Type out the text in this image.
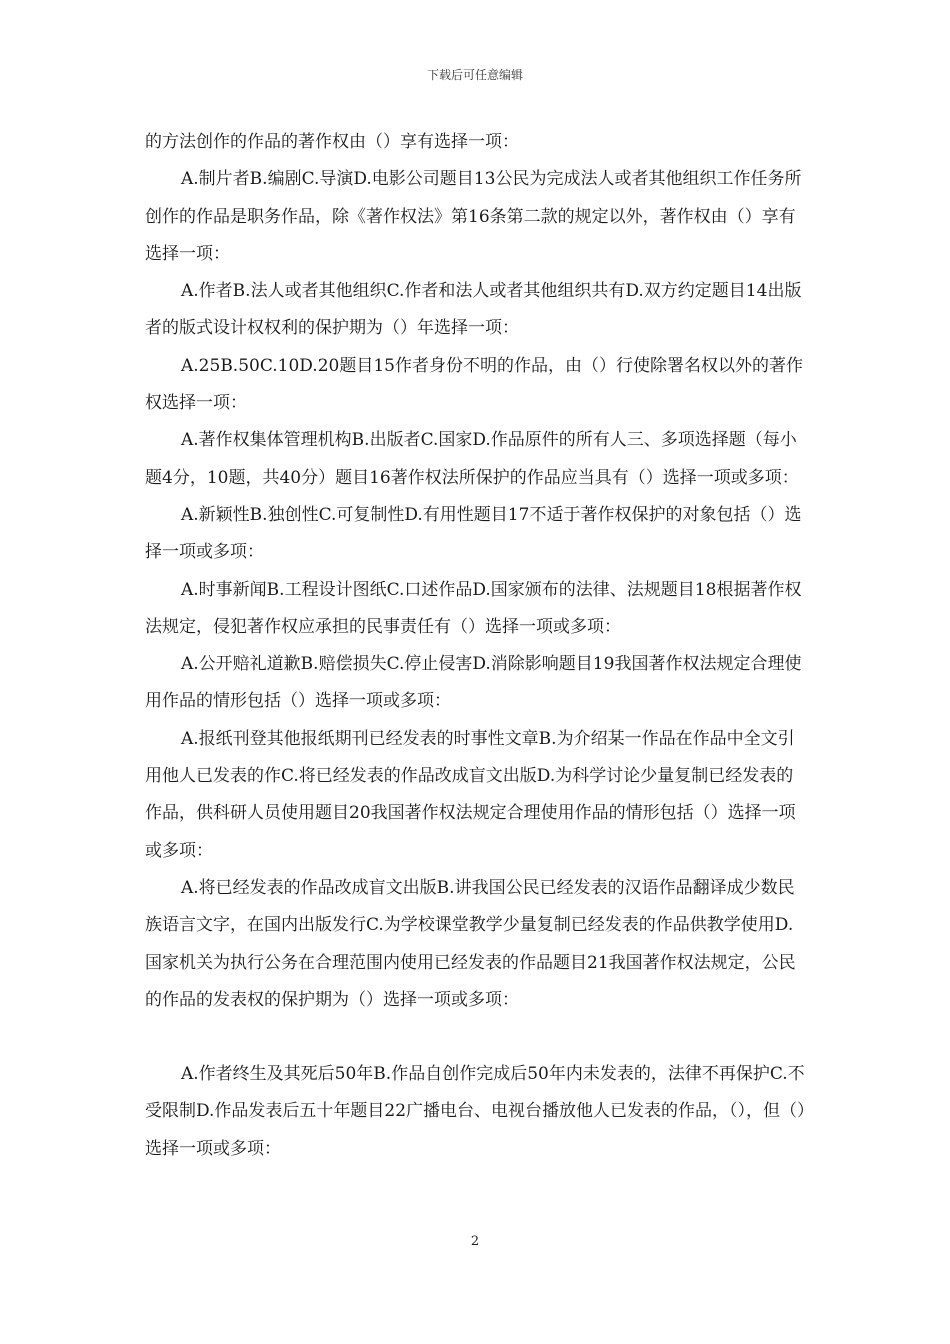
下载后可任意编辑

的方法创作的作品的著作权由（）享有选择一项：

A.制片者B.编剧C.导演D.电影公司题目13公民为完成法人或者其他组织工作任务所创作的作品是职务作品，除《著作权法》第16条第二款的规定以外，著作权由（）享有选择一项：

A.作者B.法人或者其他组织C.作者和法人或者其他组织共有D.双方约定题目14出版者的版式设计权权利的保护期为（）年选择一项：

A.25B.50C.10D.20题目15作者身份不明的作品，由（）行使除署名权以外的著作权选择一项：

A.著作权集体管理机构B.出版者C.国家D.作品原件的所有人三、多项选择题（每小题4分，10题，共40分）题目16著作权法所保护的作品应当具有（）选择一项或多项：

A.新颖性B.独创性C.可复制性D.有用性题目17不适于著作权保护的对象包括（）选择一项或多项：

A.时事新闻B.工程设计图纸C.口述作品D.国家颁布的法律、法规题目18根据著作权法规定，侵犯著作权应承担的民事责任有（）选择一项或多项：

A.公开赔礼道歉B.赔偿损失C.停止侵害D.消除影响题目19我国著作权法规定合理使用作品的情形包括（）选择一项或多项：

A.报纸刊登其他报纸期刊已经发表的时事性文章B.为介绍某一作品在作品中全文引用他人已发表的作C.将已经发表的作品改成盲文出版D.为科学讨论少量复制已经发表的作品，供科研人员使用题目20我国著作权法规定合理使用作品的情形包括（）选择一项或多项：

A.将已经发表的作品改成盲文出版B.讲我国公民已经发表的汉语作品翻译成少数民族语言文字，在国内出版发行C.为学校课堂教学少量复制已经发表的作品供教学使用D.国家机关为执行公务在合理范围内使用已经发表的作品题目21我国著作权法规定，公民的作品的发表权的保护期为（）选择一项或多项：

A.作者终生及其死后50年B.作品自创作完成后50年内未发表的，法律不再保护C.不受限制D.作品发表后五十年题目22广播电台、电视台播放他人已发表的作品，（），但（）选择一项或多项：

2
